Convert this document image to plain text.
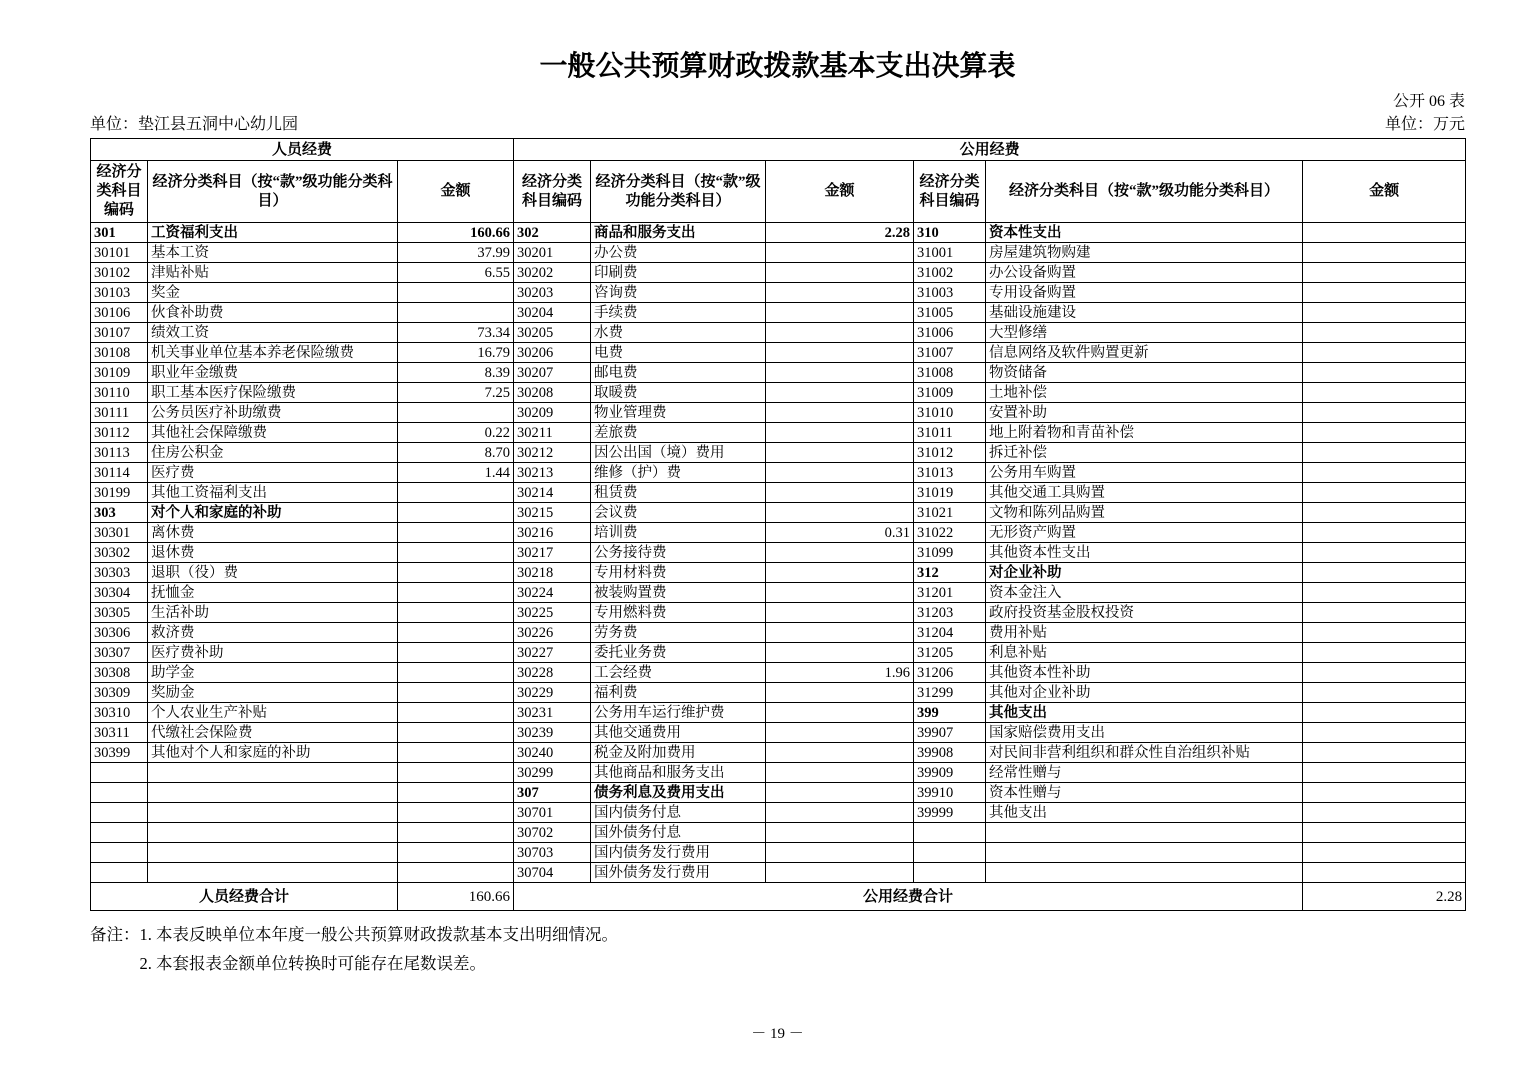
一般公共预算财政拨款基本支出决算表
公开 06 表
单位：垫江县五洞中心幼儿园	单位：万元
人员经费			公用经费					
经济分类科目编码	经济分类科目（按“款”级功能分类科目）	金额	经济分类科目编码	经济分类科目（按“款”级功能分类科目）	金额	经济分类科目编码	经济分类科目（按“款”级功能分类科目）	金额
301	工资福利支出	160.66	302	商品和服务支出	2.28	310	资本性支出	
30101	基本工资	37.99	30201	办公费		31001	房屋建筑物购建	
30102	津贴补贴	6.55	30202	印刷费		31002	办公设备购置	
30103	奖金		30203	咨询费		31003	专用设备购置	
30106	伙食补助费		30204	手续费		31005	基础设施建设	
30107	绩效工资	73.34	30205	水费		31006	大型修缮	
30108	机关事业单位基本养老保险缴费	16.79	30206	电费		31007	信息网络及软件购置更新	
30109	职业年金缴费	8.39	30207	邮电费		31008	物资储备	
30110	职工基本医疗保险缴费	7.25	30208	取暖费		31009	土地补偿	
30111	公务员医疗补助缴费		30209	物业管理费		31010	安置补助	
30112	其他社会保障缴费	0.22	30211	差旅费		31011	地上附着物和青苗补偿	
30113	住房公积金	8.70	30212	因公出国（境）费用		31012	拆迁补偿	
30114	医疗费	1.44	30213	维修（护）费		31013	公务用车购置	
30199	其他工资福利支出		30214	租赁费		31019	其他交通工具购置	
303	对个人和家庭的补助		30215	会议费		31021	文物和陈列品购置	
30301	离休费		30216	培训费	0.31	31022	无形资产购置	
30302	退休费		30217	公务接待费		31099	其他资本性支出	
30303	退职（役）费		30218	专用材料费		312	对企业补助	
30304	抚恤金		30224	被装购置费		31201	资本金注入	
30305	生活补助		30225	专用燃料费		31203	政府投资基金股权投资	
30306	救济费		30226	劳务费		31204	费用补贴	
30307	医疗费补助		30227	委托业务费		31205	利息补贴	
30308	助学金		30228	工会经费	1.96	31206	其他资本性补助	
30309	奖励金		30229	福利费		31299	其他对企业补助	
30310	个人农业生产补贴		30231	公务用车运行维护费		399	其他支出	
30311	代缴社会保险费		30239	其他交通费用		39907	国家赔偿费用支出	
30399	其他对个人和家庭的补助		30240	税金及附加费用		39908	对民间非营利组织和群众性自治组织补贴	
			30299	其他商品和服务支出		39909	经常性赠与	
			307	债务利息及费用支出		39910	资本性赠与	
			30701	国内债务付息		39999	其他支出	
			30702	国外债务付息				
			30703	国内债务发行费用				
			30704	国外债务发行费用				
人员经费合计		160.66	公用经费合计					2.28
备注： 1. 本表反映单位本年度一般公共预算财政拨款基本支出明细情况。
2. 本套报表金额单位转换时可能存在尾数误差。
－ 19 －
